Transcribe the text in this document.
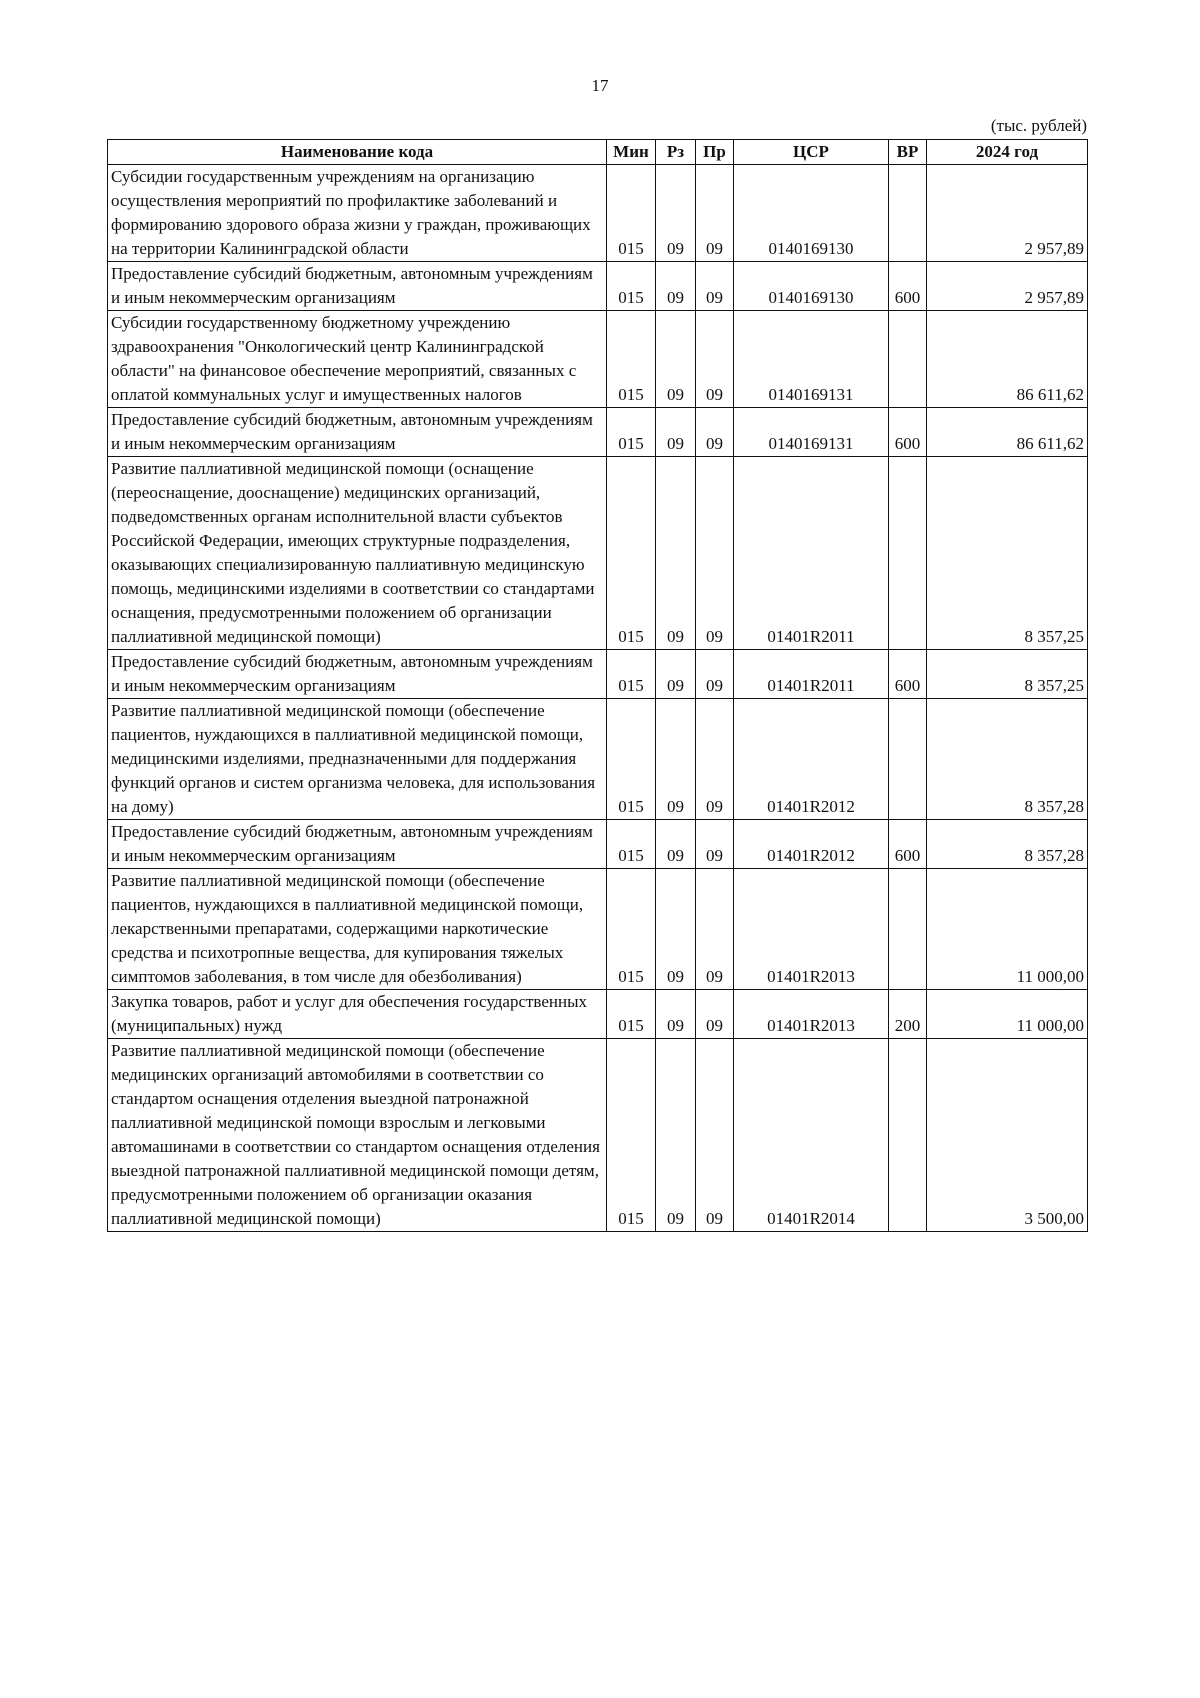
17
(тыс. рублей)
Наименование кода	Мин	Рз	Пр	ЦСР	ВР	2024 год
Субсидии государственным учреждениям на организацию осуществления мероприятий по профилактике заболеваний и формированию здорового образа жизни у граждан, проживающих на территории Калининградской области	015	09	09	0140169130		2 957,89
Предоставление субсидий бюджетным, автономным учреждениям и иным некоммерческим организациям	015	09	09	0140169130	600	2 957,89
Субсидии государственному бюджетному учреждению здравоохранения "Онкологический центр Калининградской области" на финансовое обеспечение мероприятий, связанных с оплатой коммунальных услуг и имущественных налогов	015	09	09	0140169131		86 611,62
Предоставление субсидий бюджетным, автономным учреждениям и иным некоммерческим организациям	015	09	09	0140169131	600	86 611,62
Развитие паллиативной медицинской помощи (оснащение (переоснащение, дооснащение) медицинских организаций, подведомственных органам исполнительной власти субъектов Российской Федерации, имеющих структурные подразделения, оказывающих специализированную паллиативную медицинскую помощь, медицинскими изделиями в соответствии со стандартами оснащения, предусмотренными положением об организации паллиативной медицинской помощи)	015	09	09	01401R2011		8 357,25
Предоставление субсидий бюджетным, автономным учреждениям и иным некоммерческим организациям	015	09	09	01401R2011	600	8 357,25
Развитие паллиативной медицинской помощи (обеспечение пациентов, нуждающихся в паллиативной медицинской помощи, медицинскими изделиями, предназначенными для поддержания функций органов и систем организма человека, для использования на дому)	015	09	09	01401R2012		8 357,28
Предоставление субсидий бюджетным, автономным учреждениям и иным некоммерческим организациям	015	09	09	01401R2012	600	8 357,28
Развитие паллиативной медицинской помощи (обеспечение пациентов, нуждающихся в паллиативной медицинской помощи, лекарственными препаратами, содержащими наркотические средства и психотропные вещества, для купирования тяжелых симптомов заболевания, в том числе для обезболивания)	015	09	09	01401R2013		11 000,00
Закупка товаров, работ и услуг для обеспечения государственных (муниципальных) нужд	015	09	09	01401R2013	200	11 000,00
Развитие паллиативной медицинской помощи (обеспечение медицинских организаций автомобилями в соответствии со стандартом оснащения отделения выездной патронажной паллиативной медицинской помощи взрослым и легковыми автомашинами в соответствии со стандартом оснащения отделения выездной патронажной паллиативной медицинской помощи детям, предусмотренными положением об организации оказания паллиативной медицинской помощи)	015	09	09	01401R2014		3 500,00
